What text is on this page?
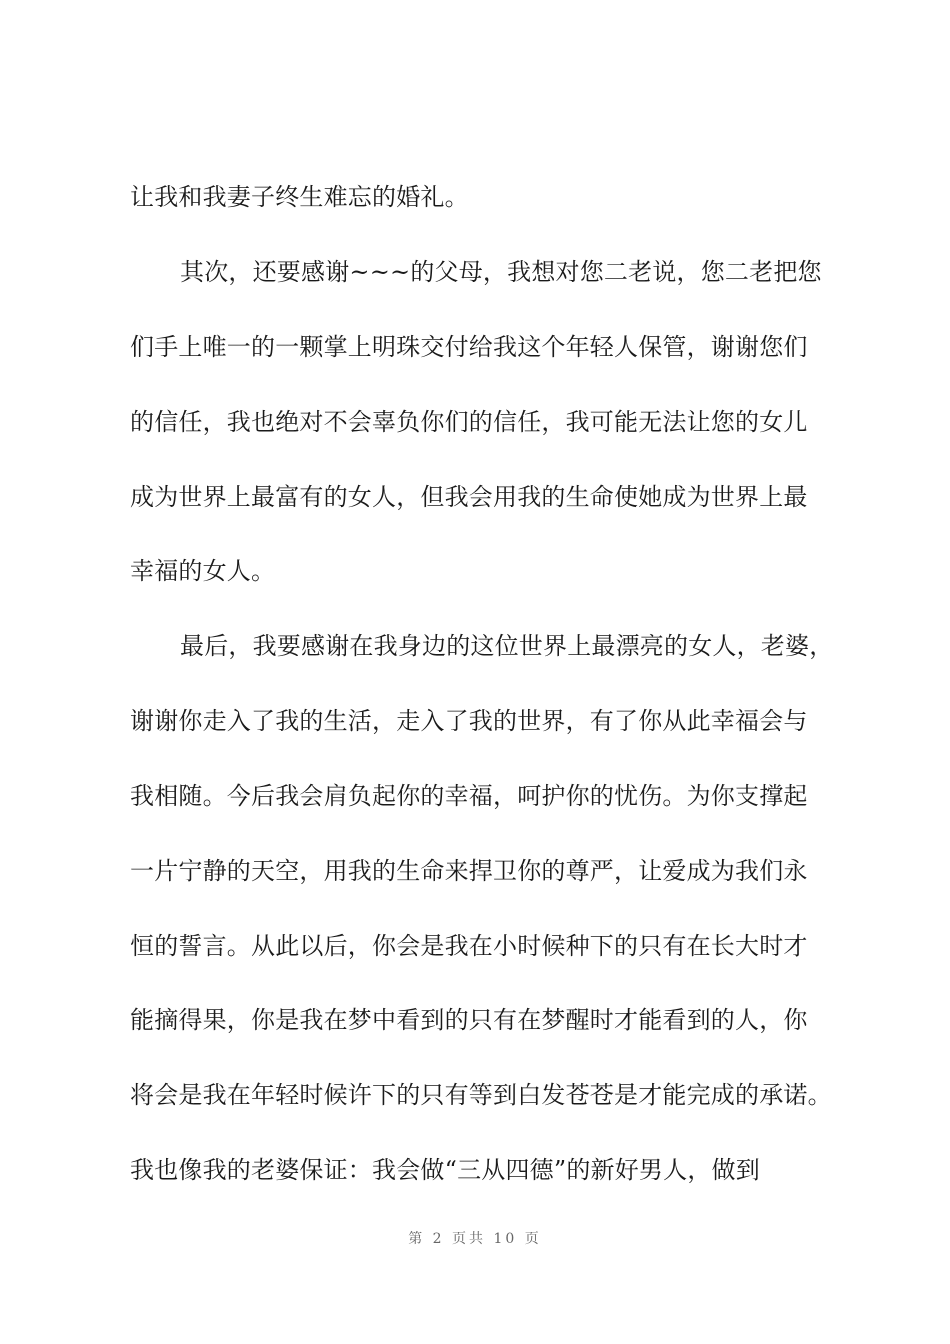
让我和我妻子终生难忘的婚礼。
其次，还要感谢~~~的父母，我想对您二老说，您二老把您
们手上唯一的一颗掌上明珠交付给我这个年轻人保管，谢谢您们
的信任，我也绝对不会辜负你们的信任，我可能无法让您的女儿
成为世界上最富有的女人，但我会用我的生命使她成为世界上最
幸福的女人。
最后，我要感谢在我身边的这位世界上最漂亮的女人，老婆，
谢谢你走入了我的生活，走入了我的世界，有了你从此幸福会与
我相随。今后我会肩负起你的幸福，呵护你的忧伤。为你支撑起
一片宁静的天空，用我的生命来捍卫你的尊严，让爱成为我们永
恒的誓言。从此以后，你会是我在小时候种下的只有在长大时才
能摘得果，你是我在梦中看到的只有在梦醒时才能看到的人，你
将会是我在年轻时候许下的只有等到白发苍苍是才能完成的承诺。
我也像我的老婆保证：我会做“三从四德”的新好男人，做到
第 2 页共 10 页
